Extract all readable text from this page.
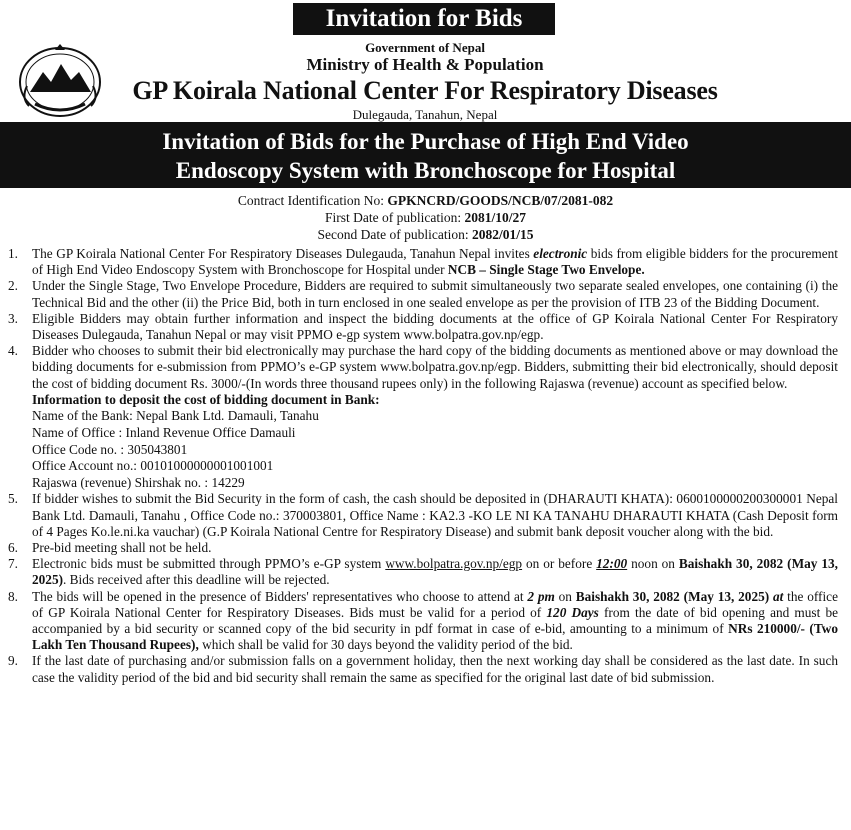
Invitation for Bids
Government of Nepal
Ministry of Health & Population
GP Koirala National Center For Respiratory Diseases
Dulegauda, Tanahun, Nepal
Invitation of Bids for the Purchase of High End Video
Endoscopy System with Bronchoscope for Hospital
Contract Identification No: GPKNCRD/GOODS/NCB/07/2081-082
First Date of publication: 2081/10/27
Second Date of publication: 2082/01/15
1.	The GP Koirala National Center For Respiratory Diseases Dulegauda, Tanahun Nepal invites electronic bids from eligible bidders for the procurement of High End Video Endoscopy System with Bronchoscope for Hospital under NCB – Single Stage Two Envelope.
2.	Under the Single Stage, Two Envelope Procedure, Bidders are required to submit simultaneously two separate sealed envelopes, one containing (i) the Technical Bid and the other (ii) the Price Bid, both in turn enclosed in one sealed envelope as per the provision of ITB 23 of the Bidding Document.
3.	Eligible Bidders may obtain further information and inspect the bidding documents at the office of GP Koirala National Center For Respiratory Diseases Dulegauda, Tanahun Nepal or may visit PPMO e-gp system www.bolpatra.gov.np/egp.
4.	Bidder who chooses to submit their bid electronically may purchase the hard copy of the bidding documents as mentioned above or may download the bidding documents for e-submission from PPMO’s e-GP system www.bolpatra.gov.np/egp. Bidders, submitting their bid electronically, should deposit the cost of bidding document Rs. 3000/-(In words three thousand rupees only) in the following Rajaswa (revenue) account as specified below.
Information to deposit the cost of bidding document in Bank:
Name of the Bank: Nepal Bank Ltd. Damauli, Tanahu
Name of Office : Inland Revenue Office Damauli
Office Code no. : 305043801
Office Account no.: 00101000000001001001
Rajaswa (revenue) Shirshak no. : 14229
5.	If bidder wishes to submit the Bid Security in the form of cash, the cash should be deposited in (DHARAUTI KHATA): 0600100000200300001 Nepal Bank Ltd. Damauli, Tanahu , Office Code no.: 370003801, Office Name : KA2.3 -KO LE NI KA TANAHU DHARAUTI KHATA (Cash Deposit form of 4 Pages Ko.le.ni.ka vauchar) (G.P Koirala National Centre for Respiratory Disease) and submit bank deposit voucher along with the bid.
6.	Pre-bid meeting shall not be held.
7.	Electronic bids must be submitted through PPMO’s e-GP system www.bolpatra.gov.np/egp on or before 12:00 noon on Baishakh 30, 2082 (May 13, 2025). Bids received after this deadline will be rejected.
8.	The bids will be opened in the presence of Bidders' representatives who choose to attend at 2 pm on Baishakh 30, 2082 (May 13, 2025) at the office of GP Koirala National Center for Respiratory Diseases. Bids must be valid for a period of 120 Days from the date of bid opening and must be accompanied by a bid security or scanned copy of the bid security in pdf format in case of e-bid, amounting to a minimum of NRs 210000/- (Two Lakh Ten Thousand Rupees), which shall be valid for 30 days beyond the validity period of the bid.
9.	If the last date of purchasing and/or submission falls on a government holiday, then the next working day shall be considered as the last date. In such case the validity period of the bid and bid security shall remain the same as specified for the original last date of bid submission.
